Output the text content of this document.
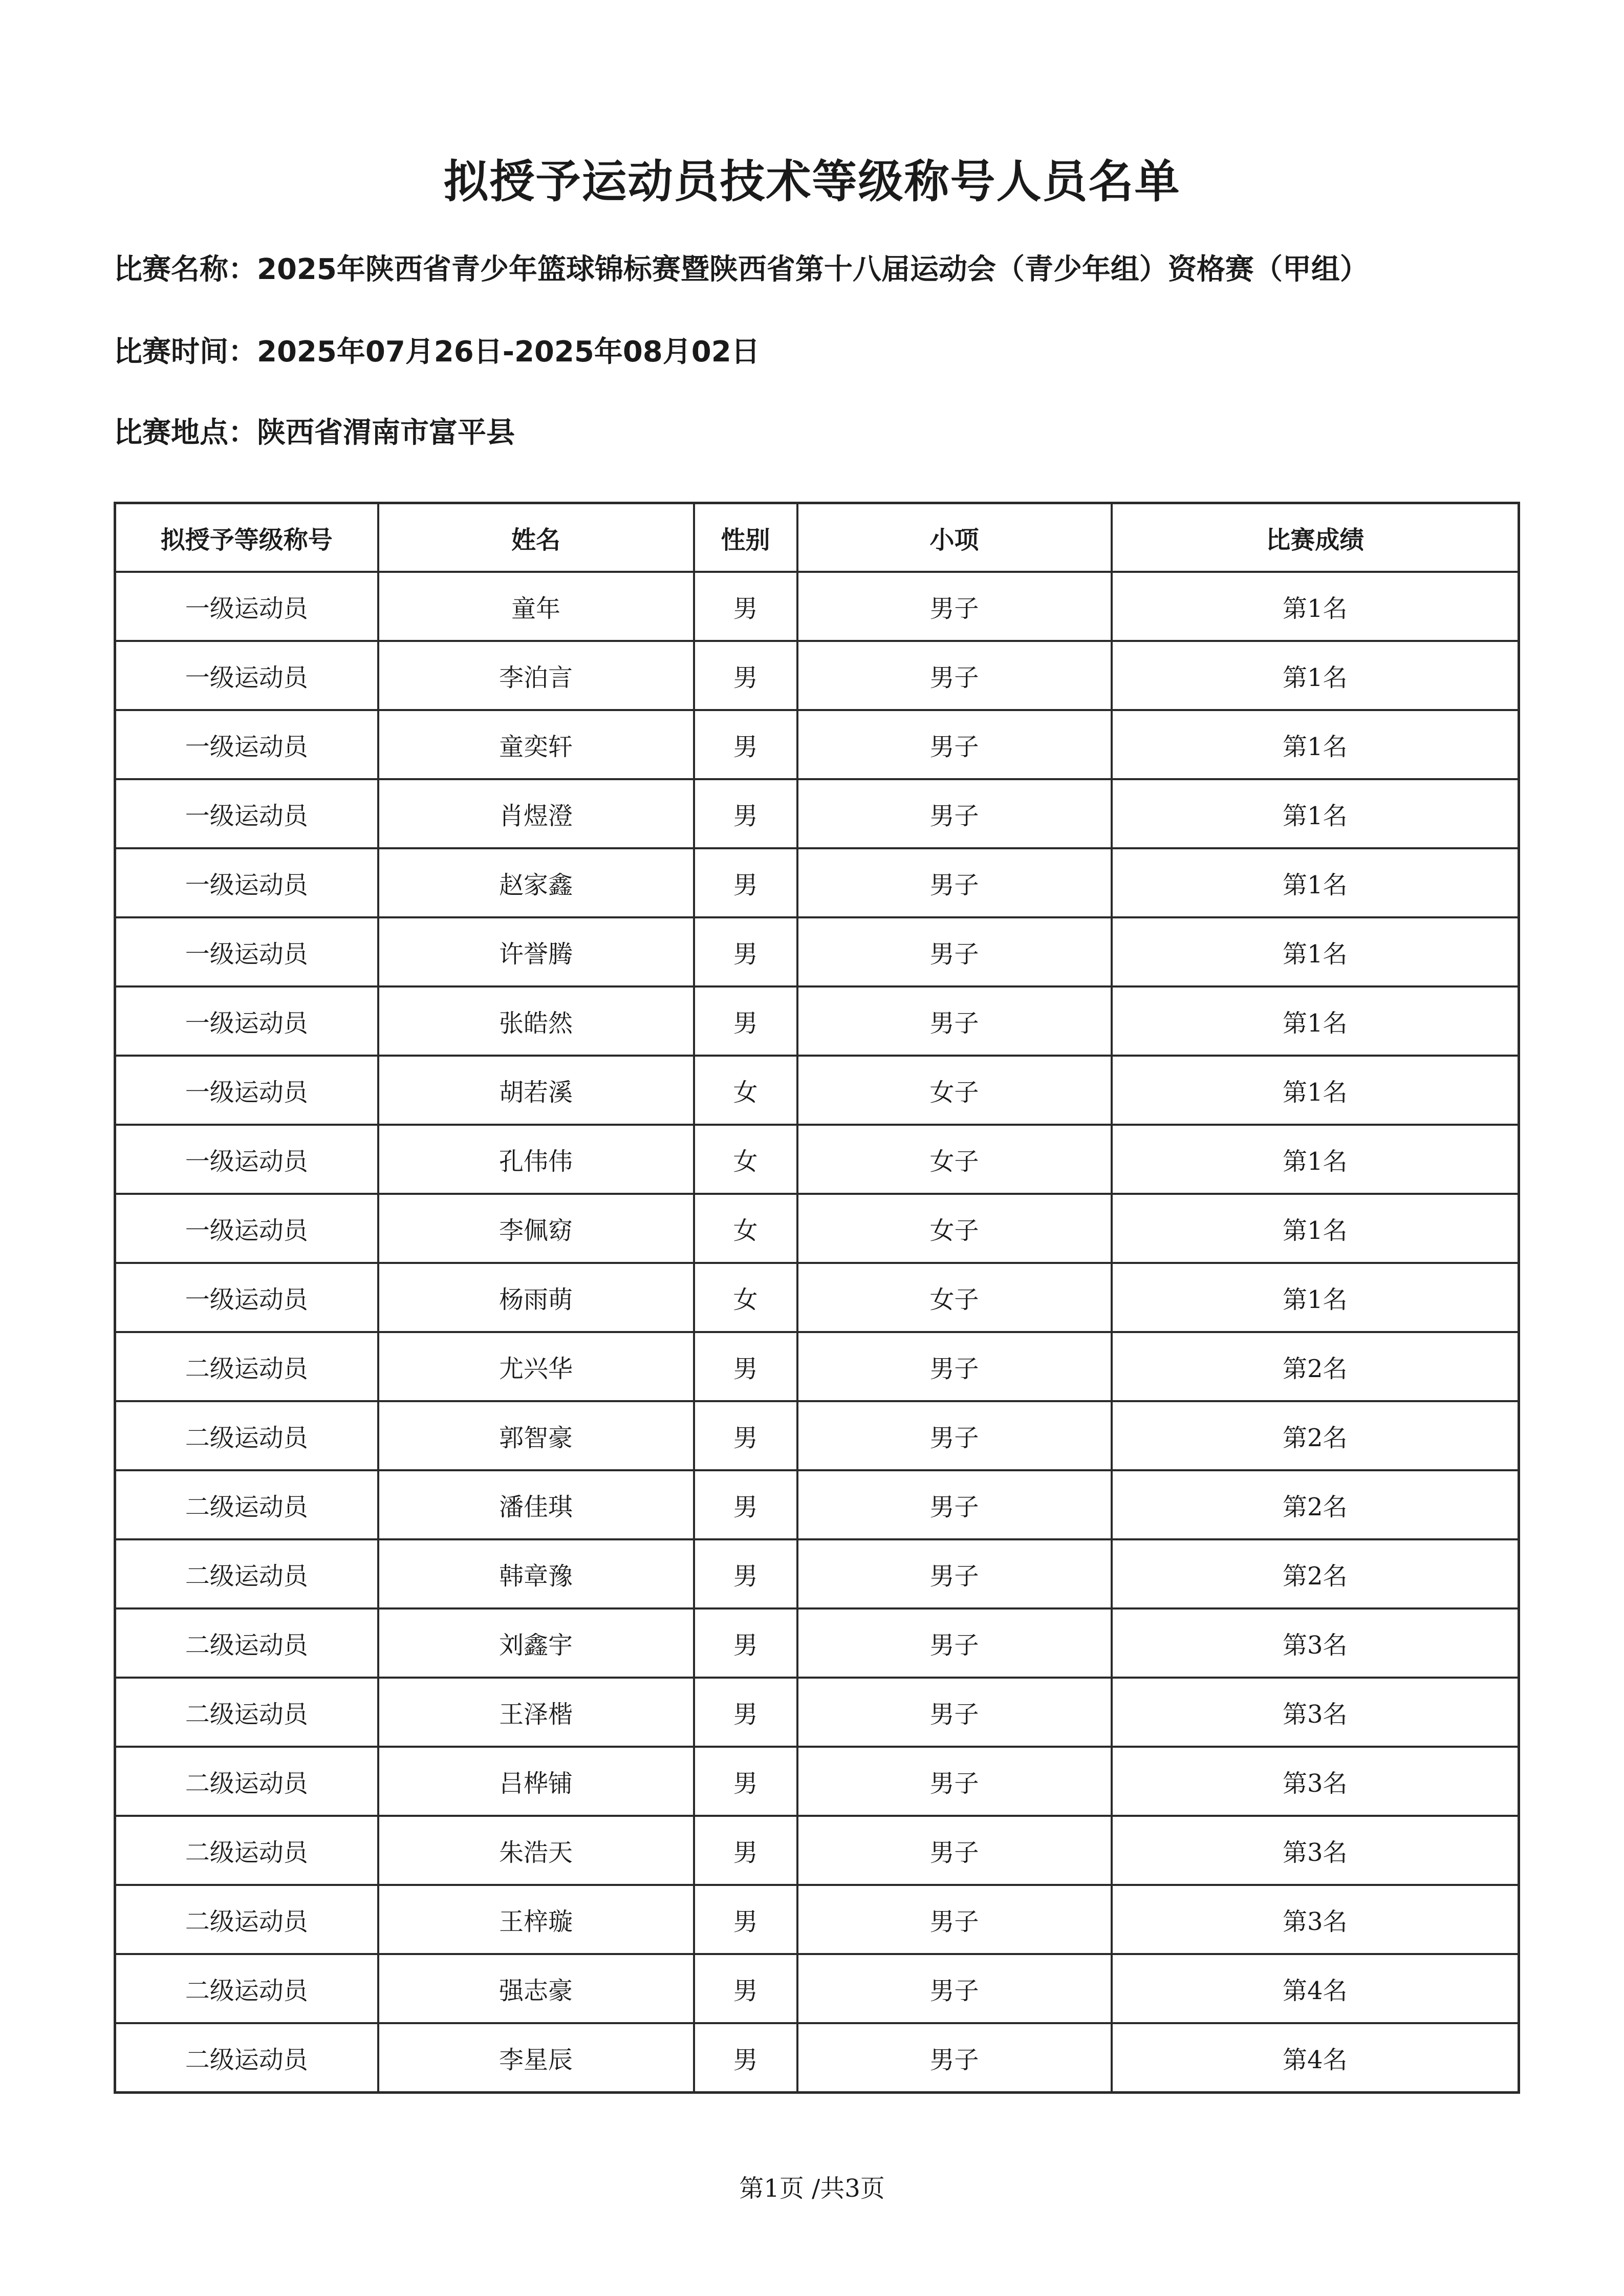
拟授予运动员技术等级称号人员名单
比赛名称：2025年陕西省青少年篮球锦标赛暨陕西省第十八届运动会（青少年组）资格赛（甲组）
比赛时间：2025年07月26日-2025年08月02日
比赛地点：陕西省渭南市富平县
拟授予等级称号	姓名	性别	小项	比赛成绩
一级运动员	童年	男	男子	第1名
一级运动员	李泊言	男	男子	第1名
一级运动员	童奕轩	男	男子	第1名
一级运动员	肖煜澄	男	男子	第1名
一级运动员	赵家鑫	男	男子	第1名
一级运动员	许誉腾	男	男子	第1名
一级运动员	张皓然	男	男子	第1名
一级运动员	胡若溪	女	女子	第1名
一级运动员	孔伟伟	女	女子	第1名
一级运动员	李佩窈	女	女子	第1名
一级运动员	杨雨萌	女	女子	第1名
二级运动员	尤兴华	男	男子	第2名
二级运动员	郭智豪	男	男子	第2名
二级运动员	潘佳琪	男	男子	第2名
二级运动员	韩章豫	男	男子	第2名
二级运动员	刘鑫宇	男	男子	第3名
二级运动员	王泽楷	男	男子	第3名
二级运动员	吕桦铺	男	男子	第3名
二级运动员	朱浩天	男	男子	第3名
二级运动员	王梓璇	男	男子	第3名
二级运动员	强志豪	男	男子	第4名
二级运动员	李星辰	男	男子	第4名
第1页 /共3页
